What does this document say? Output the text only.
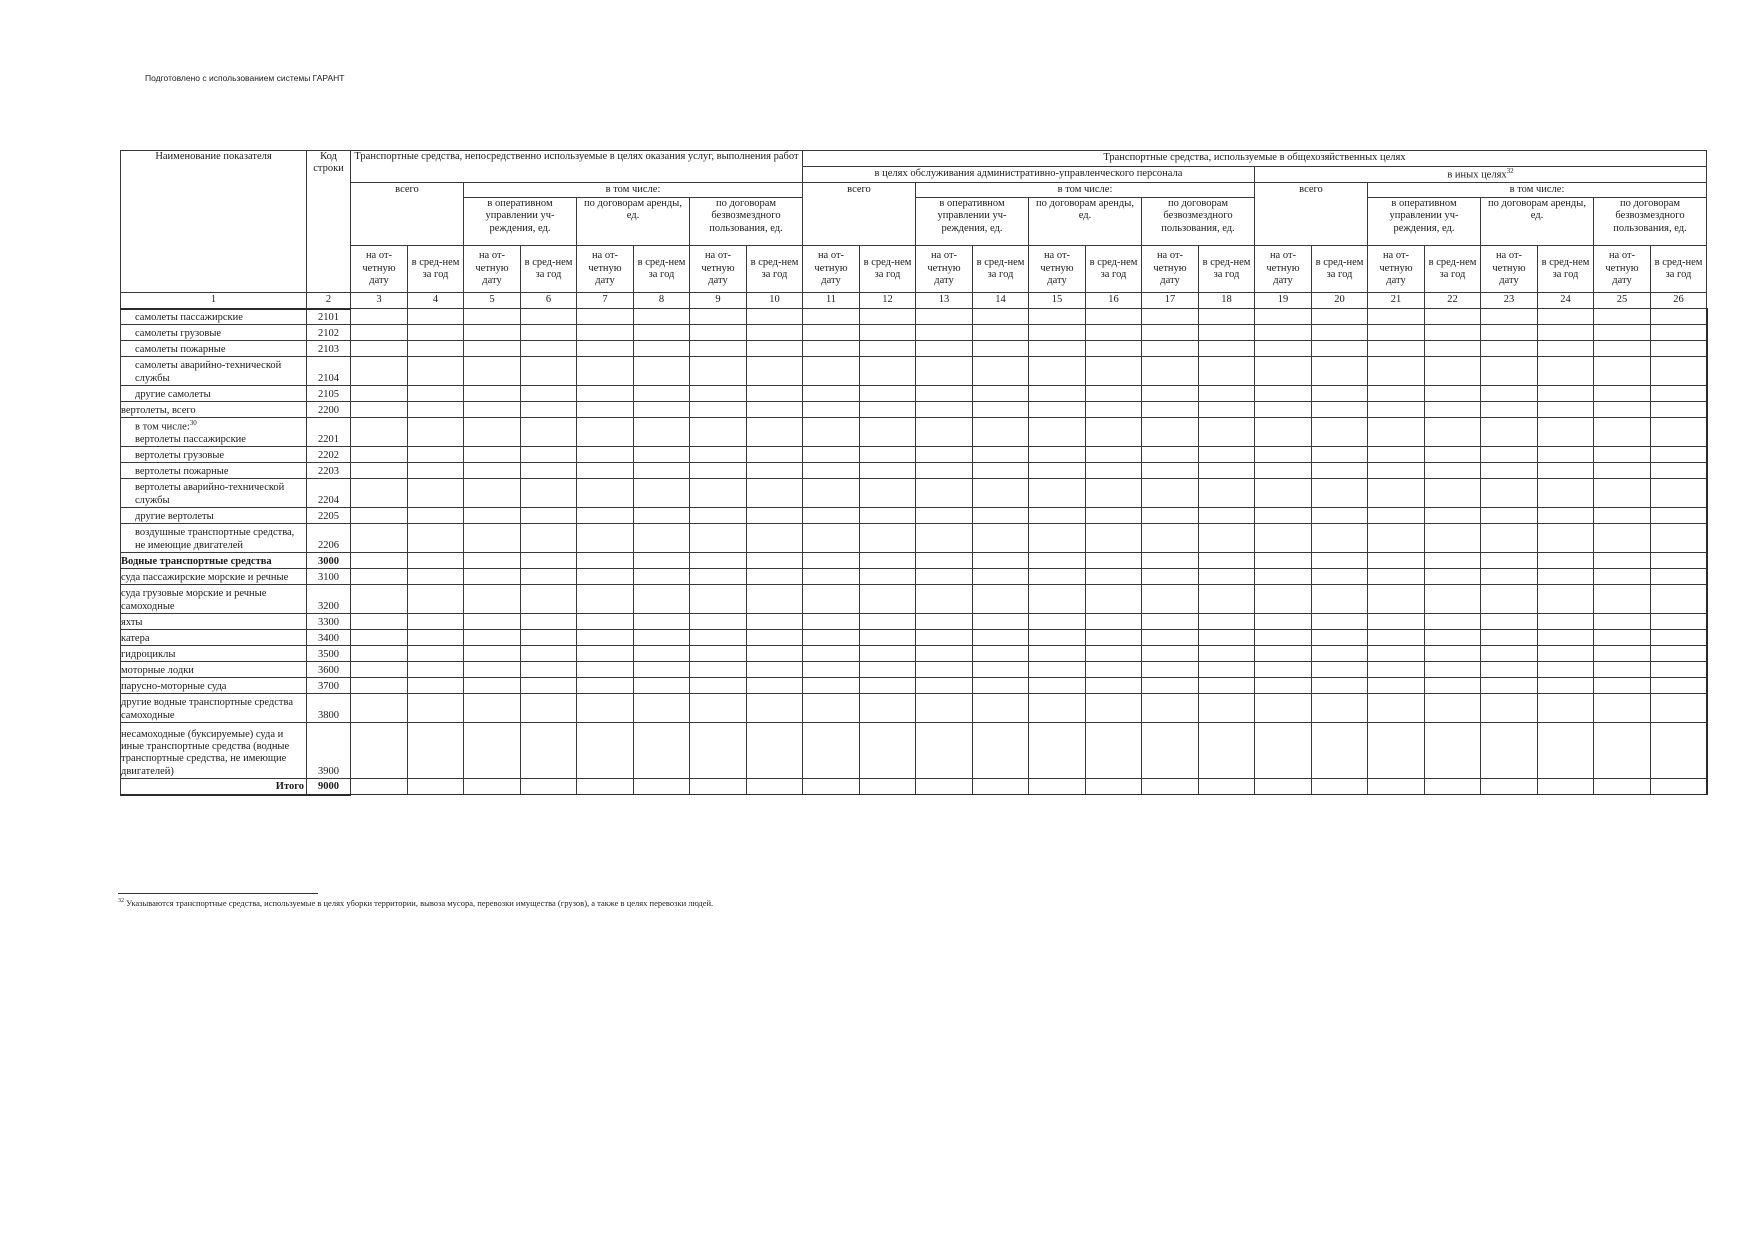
Подготовлено с использованием системы ГАРАНТ
Наименование показателя	Код строки	Транспортные средства, непосредственно используемые в целях оказания услуг, выполнения работ								Транспортные средства, используемые в общехозяйственных целях															
										в целях обслуживания административно-управленческого персонала								в иных целях$^{32}$
		всего		в том числе:						всего		в том числе:						всего		в том числе:					
				в оперативном управлении уч-реждения, ед.		по договорам аренды, ед.		по договорам безвозмездного пользования, ед.				в оперативном управлении уч-реждения, ед.		по договорам аренды, ед.		по договорам безвозмездного пользования, ед.				в оперативном управлении уч-реждения, ед.		по договорам аренды, ед.		по договорам безвозмездного пользования, ед.	
		на от-четную дату	в сред-нем за год	на от-четную дату	в сред-нем за год	на от-четную дату	в сред-нем за год	на от-четную дату	в сред-нем за год	на от-четную дату	в сред-нем за год	на от-четную дату	в сред-нем за год	на от-четную дату	в сред-нем за год	на от-четную дату	в сред-нем за год	на от-четную дату	в сред-нем за год	на от-четную дату	в сред-нем за год	на от-четную дату	в сред-нем за год	на от-четную дату	в сред-нем за год
1	2	3	4	5	6	7	8	9	10	11	12	13	14	15	16	17	18	19	20	21	22	23	24	25	26
самолеты пассажирские	2101																								
самолеты грузовые	2102																								
самолеты пожарные	2103																								
самолеты аварийно-технической службы	2104																								
другие самолеты	2105																								
вертолеты, всего	2200																								
в том числе:$^{30}$
вертолеты пассажирские	2201																								
вертолеты грузовые	2202																								
вертолеты пожарные	2203																								
вертолеты аварийно-технической службы	2204																								
другие вертолеты	2205																								
воздушные транспортные средства, не имеющие двигателей	2206																								
Водные транспортные средства	3000																								
суда пассажирские морские и речные	3100																								
суда грузовые морские и речные самоходные	3200																								
яхты	3300																								
катера	3400																								
гидроциклы	3500																								
моторные лодки	3600																								
парусно-моторные суда	3700																								
другие водные транспортные средства самоходные	3800																								
несамоходные (буксируемые) суда и иные транспортные средства (водные транспортные средства, не имеющие двигателей)	3900																								
Итого	9000																								
$^{32}$ Указываются транспортные средства, используемые в целях уборки территории, вывоза мусора, перевозки имущества (грузов), а также в целях перевозки людей.
